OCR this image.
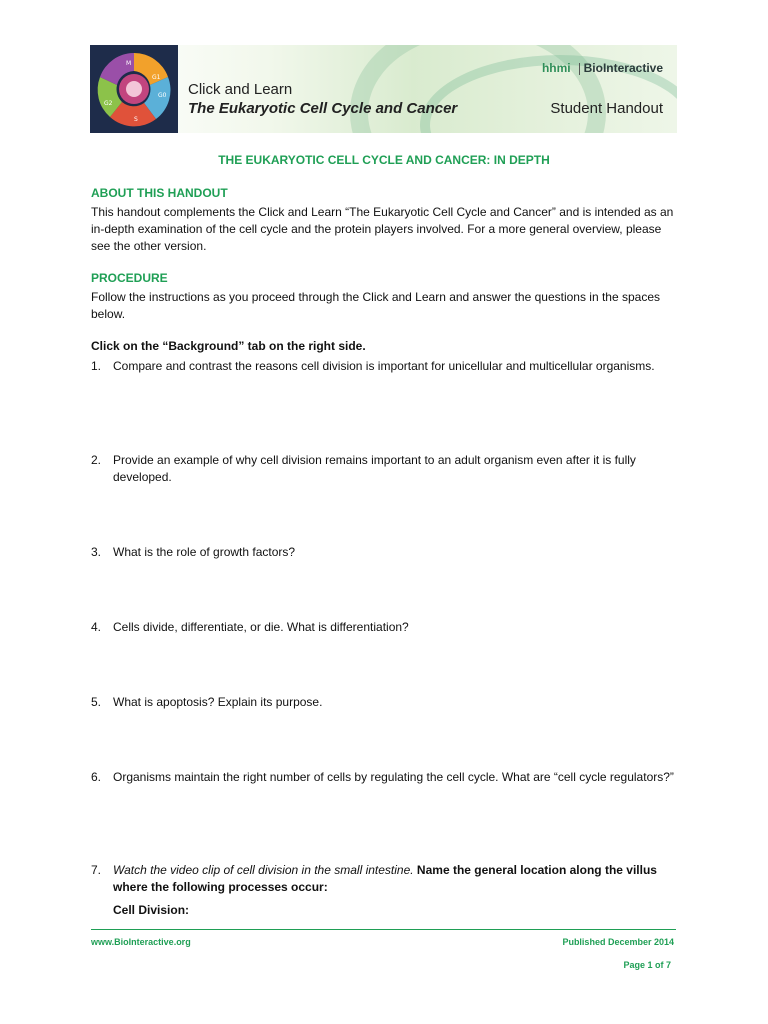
M
G1
G2
G0
S
Click and Learn
The Eukaryotic Cell Cycle and Cancer
hhmi BioInteractive
Student Handout
THE EUKARYOTIC CELL CYCLE AND CANCER: IN DEPTH
ABOUT THIS HANDOUT
This handout complements the Click and Learn “The Eukaryotic Cell Cycle and Cancer” and is intended as an in-depth examination of the cell cycle and the protein players involved. For a more general overview, please see the other version.
PROCEDURE
Follow the instructions as you proceed through the Click and Learn and answer the questions in the spaces below.
Click on the “Background” tab on the right side.
1. Compare and contrast the reasons cell division is important for unicellular and multicellular organisms.
2. Provide an example of why cell division remains important to an adult organism even after it is fully developed.
3. What is the role of growth factors?
4. Cells divide, differentiate, or die. What is differentiation?
5. What is apoptosis? Explain its purpose.
6. Organisms maintain the right number of cells by regulating the cell cycle. What are “cell cycle regulators?”
7. Watch the video clip of cell division in the small intestine. Name the general location along the villus where the following processes occur:
Cell Division:
www.BioInteractive.org	Published December 2014
Page 1 of 7
